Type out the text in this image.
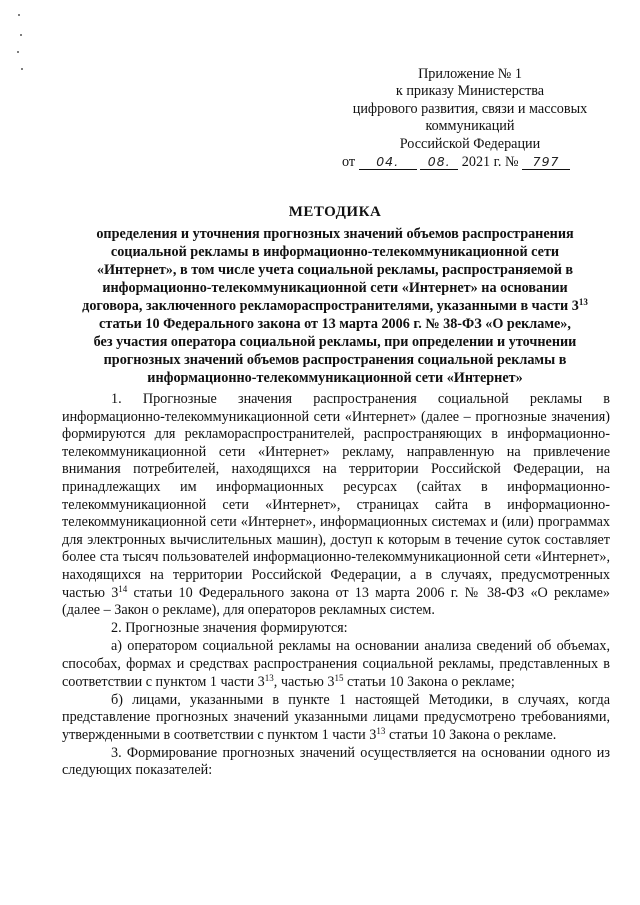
Приложение № 1
к приказу Министерства
цифрового развития, связи и массовых
коммуникаций
Российской Федерации
от 04. 08. 2021 г. № 797
МЕТОДИКА
определения и уточнения прогнозных значений объемов распространения
социальной рекламы в информационно-телекоммуникационной сети
«Интернет», в том числе учета социальной рекламы, распространяемой в
информационно-телекоммуникационной сети «Интернет» на основании
договора, заключенного рекламораспространителями, указанными в части $3^{13}$
статьи 10 Федерального закона от 13 марта 2006 г. № 38-ФЗ «О рекламе»,
без участия оператора социальной рекламы, при определении и уточнении
прогнозных значений объемов распространения социальной рекламы в
информационно-телекоммуникационной сети «Интернет»

1. Прогнозные значения распространения социальной рекламы в информационно-телекоммуникационной сети «Интернет» (далее – прогнозные значения) формируются для рекламораспространителей, распространяющих в информационно-телекоммуникационной сети «Интернет» рекламу, направленную на привлечение внимания потребителей, находящихся на территории Российской Федерации, на принадлежащих им информационных ресурсах (сайтах в информационно-телекоммуникационной сети «Интернет», страницах сайта в информационно-телекоммуникационной сети «Интернет», информационных системах и (или) программах для электронных вычислительных машин), доступ к которым в течение суток составляет более ста тысяч пользователей информационно-телекоммуникационной сети «Интернет», находящихся на территории Российской Федерации, а в случаях, предусмотренных частью $3^{14}$ статьи 10 Федерального закона от 13 марта 2006 г. № 38-ФЗ «О рекламе» (далее – Закон о рекламе), для операторов рекламных систем.

2. Прогнозные значения формируются:

а) оператором социальной рекламы на основании анализа сведений об объемах, способах, формах и средствах распространения социальной рекламы, представленных в соответствии с пунктом 1 части $3^{13}$, частью $3^{15}$ статьи 10 Закона о рекламе;

б) лицами, указанными в пункте 1 настоящей Методики, в случаях, когда представление прогнозных значений указанными лицами предусмотрено требованиями, утвержденными в соответствии с пунктом 1 части $3^{13}$ статьи 10 Закона о рекламе.

3. Формирование прогнозных значений осуществляется на основании одного из следующих показателей:
